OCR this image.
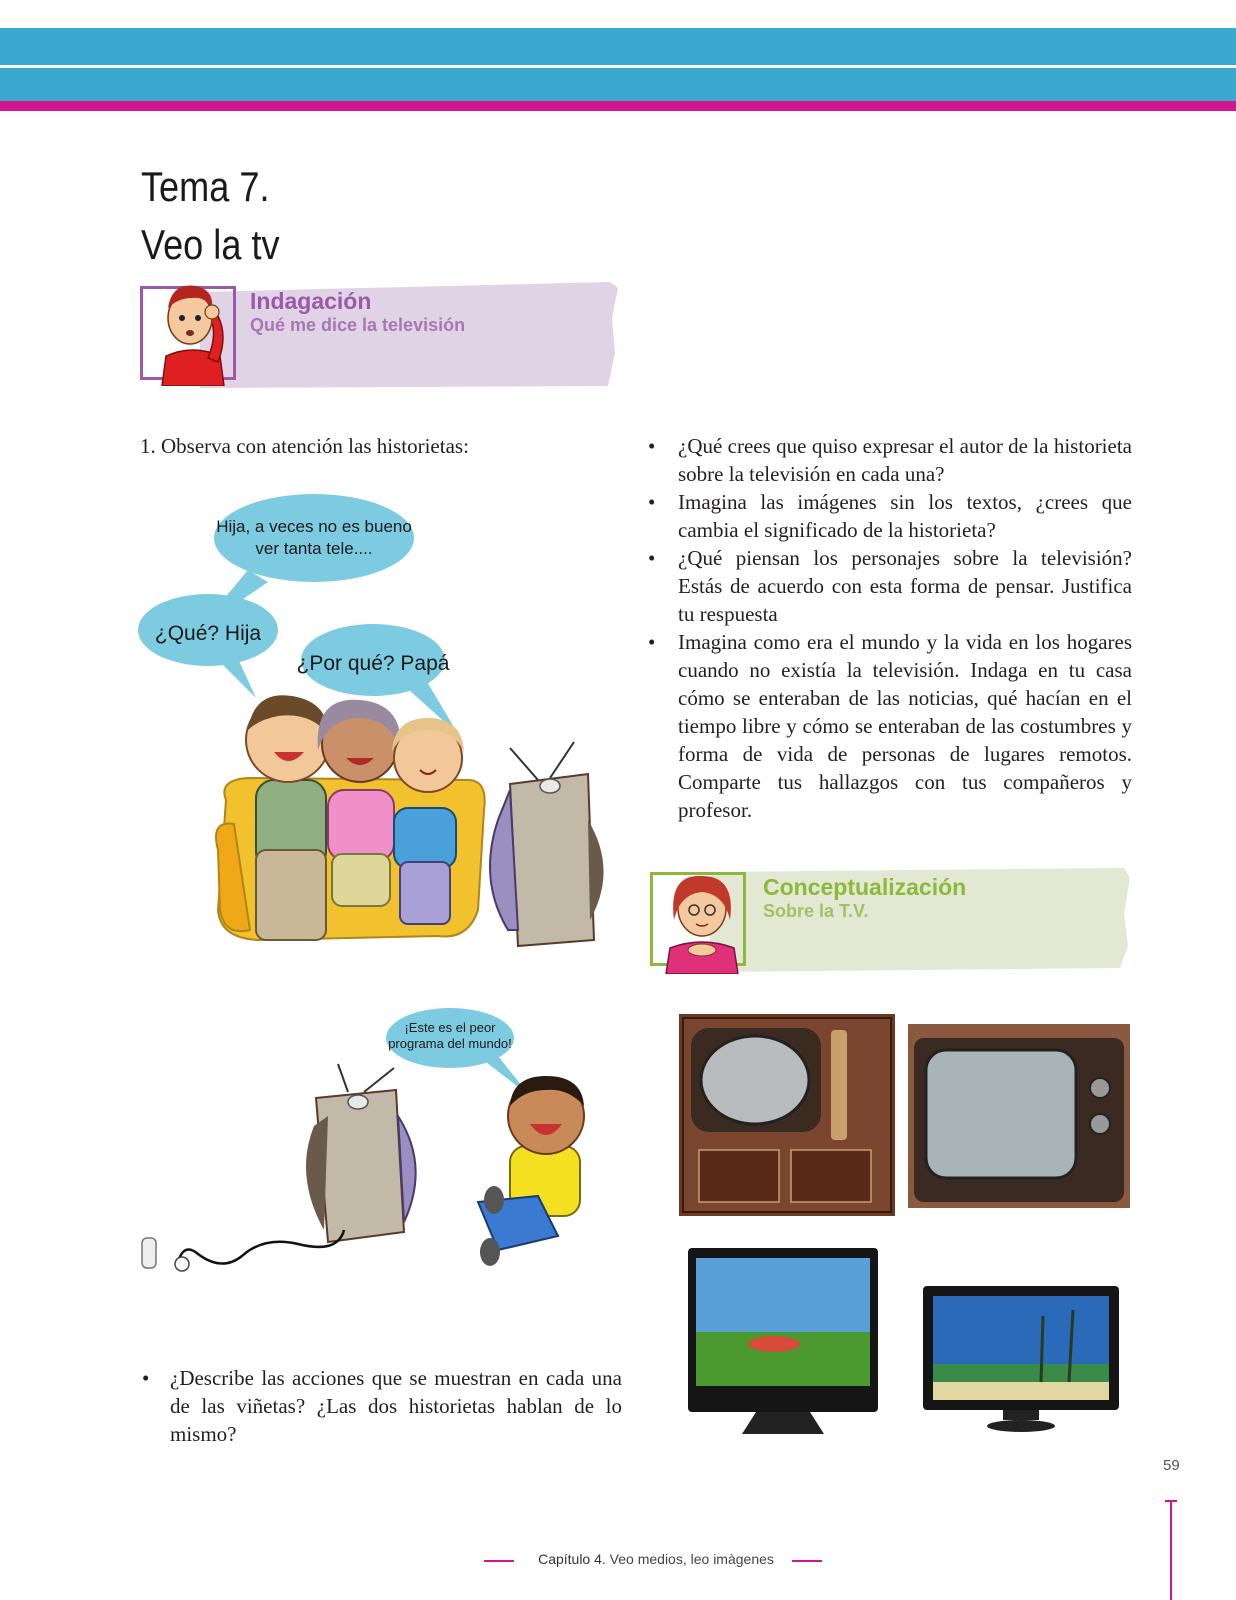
Tema 7.
Veo la tv
Indagación
Qué me dice la televisión
1. Observa con atención las historietas:
Hija, a veces no es bueno
ver tanta tele....
¿Qué? Hija
¿Por qué? Papá
¡Este es el peor
programa del mundo!
• ¿Qué crees que quiso expresar el autor de la historieta sobre la televisión en cada una?
• Imagina las imágenes sin los textos, ¿crees que cambia el significado de la historieta?
• ¿Qué piensan los personajes sobre la televisión? Estás de acuerdo con esta forma de pensar. Justifica tu respuesta
• Imagina como era el mundo y la vida en los hogares cuando no existía la televisión. Indaga en tu casa cómo se enteraban de las noticias, qué hacían en el tiempo libre y cómo se enteraban de las costumbres y forma de vida de personas de lugares remotos. Comparte tus hallazgos con tus compañeros y profesor.
Conceptualización
Sobre la T.V.
• ¿Describe las acciones que se muestran en cada una de las viñetas? ¿Las dos historietas hablan de lo mismo?
59
Capítulo 4. Veo medios, leo imàgenes
